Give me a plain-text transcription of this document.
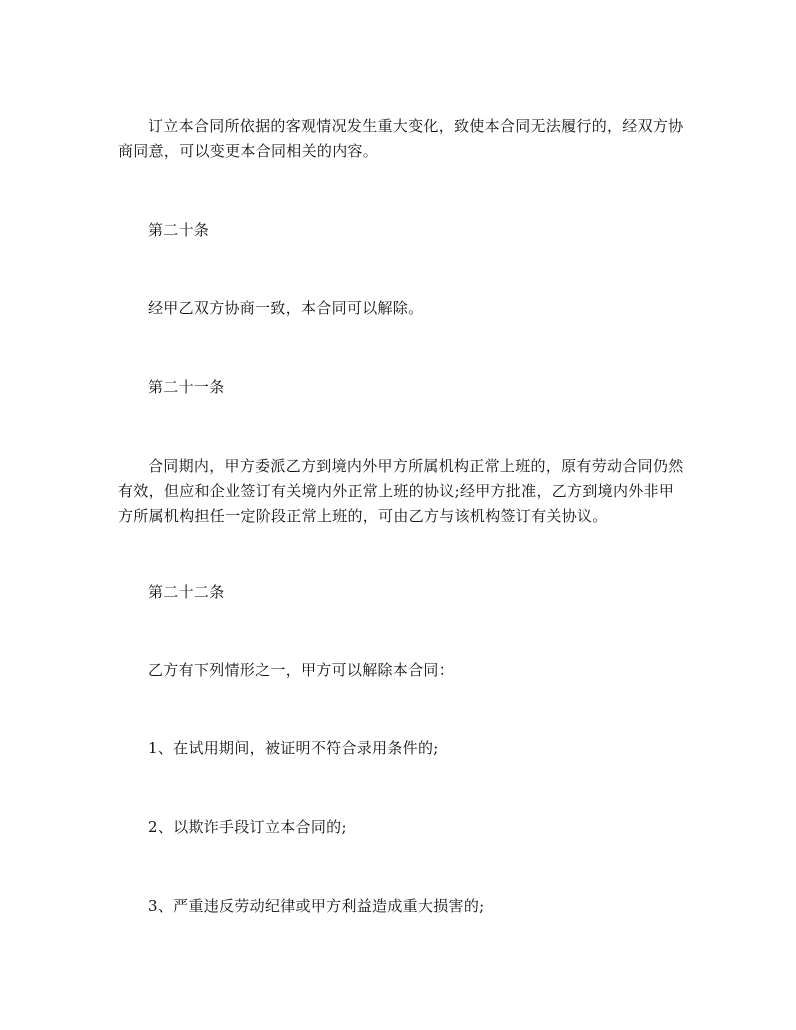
订立本合同所依据的客观情况发生重大变化，致使本合同无法履行的，经双方协商同意，可以变更本合同相关的内容。

第二十条

经甲乙双方协商一致，本合同可以解除。

第二十一条

合同期内，甲方委派乙方到境内外甲方所属机构正常上班的，原有劳动合同仍然有效，但应和企业签订有关境内外正常上班的协议;经甲方批准，乙方到境内外非甲方所属机构担任一定阶段正常上班的，可由乙方与该机构签订有关协议。

第二十二条

乙方有下列情形之一，甲方可以解除本合同：

1、在试用期间，被证明不符合录用条件的;

2、以欺诈手段订立本合同的;

3、严重违反劳动纪律或甲方利益造成重大损害的;
